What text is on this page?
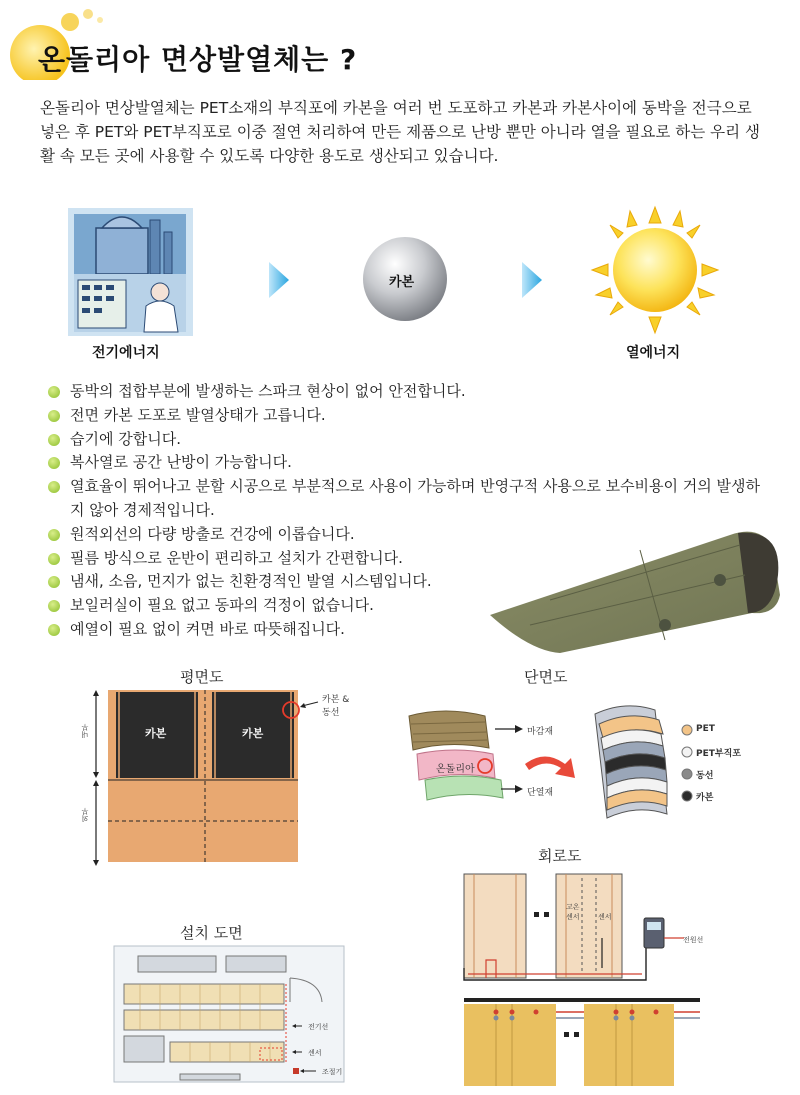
온돌리아 면상발열체는 ?

온돌리아 면상발열체는 PET소재의 부직포에 카본을 여러 번 도포하고 카본과 카본사이에 동박을 전극으로 넣은 후 PET와 PET부직포로 이중 절연 처리하여 만든 제품으로 난방 뿐만 아니라 열을 필요로 하는 우리 생활 속 모든 곳에 사용할 수 있도록 다양한 용도로 생산되고 있습니다.

전기에너지
카본
열에너지
동박의 접합부분에 발생하는 스파크 현상이 없어 안전합니다.
전면 카본 도포로 발열상태가 고릅니다.
습기에 강합니다.
복사열로 공간 난방이 가능합니다.
열효율이 뛰어나고 분할 시공으로 부분적으로 사용이 가능하며 반영구적 사용으로 보수비용이 거의 발생하지 않아 경제적입니다.
원적외선의 다량 방출로 건강에 이롭습니다.
필름 방식으로 운반이 편리하고 설치가 간편합니다.
냄새, 소음, 먼지가 없는 친환경적인 발열 시스템입니다.
보일러실이 필요 없고 동파의 걱정이 없습니다.
예열이 필요 없이 켜면 바로 따뜻해집니다.
평면도
카본	카본
카본 &
동선
내부
외부
단면도
마감재
온돌리아
단열재
PET
PET부직포
동선
카본
설치 도면
전기선
센서
조절기
회로도
고온
센서	센서
전원선
